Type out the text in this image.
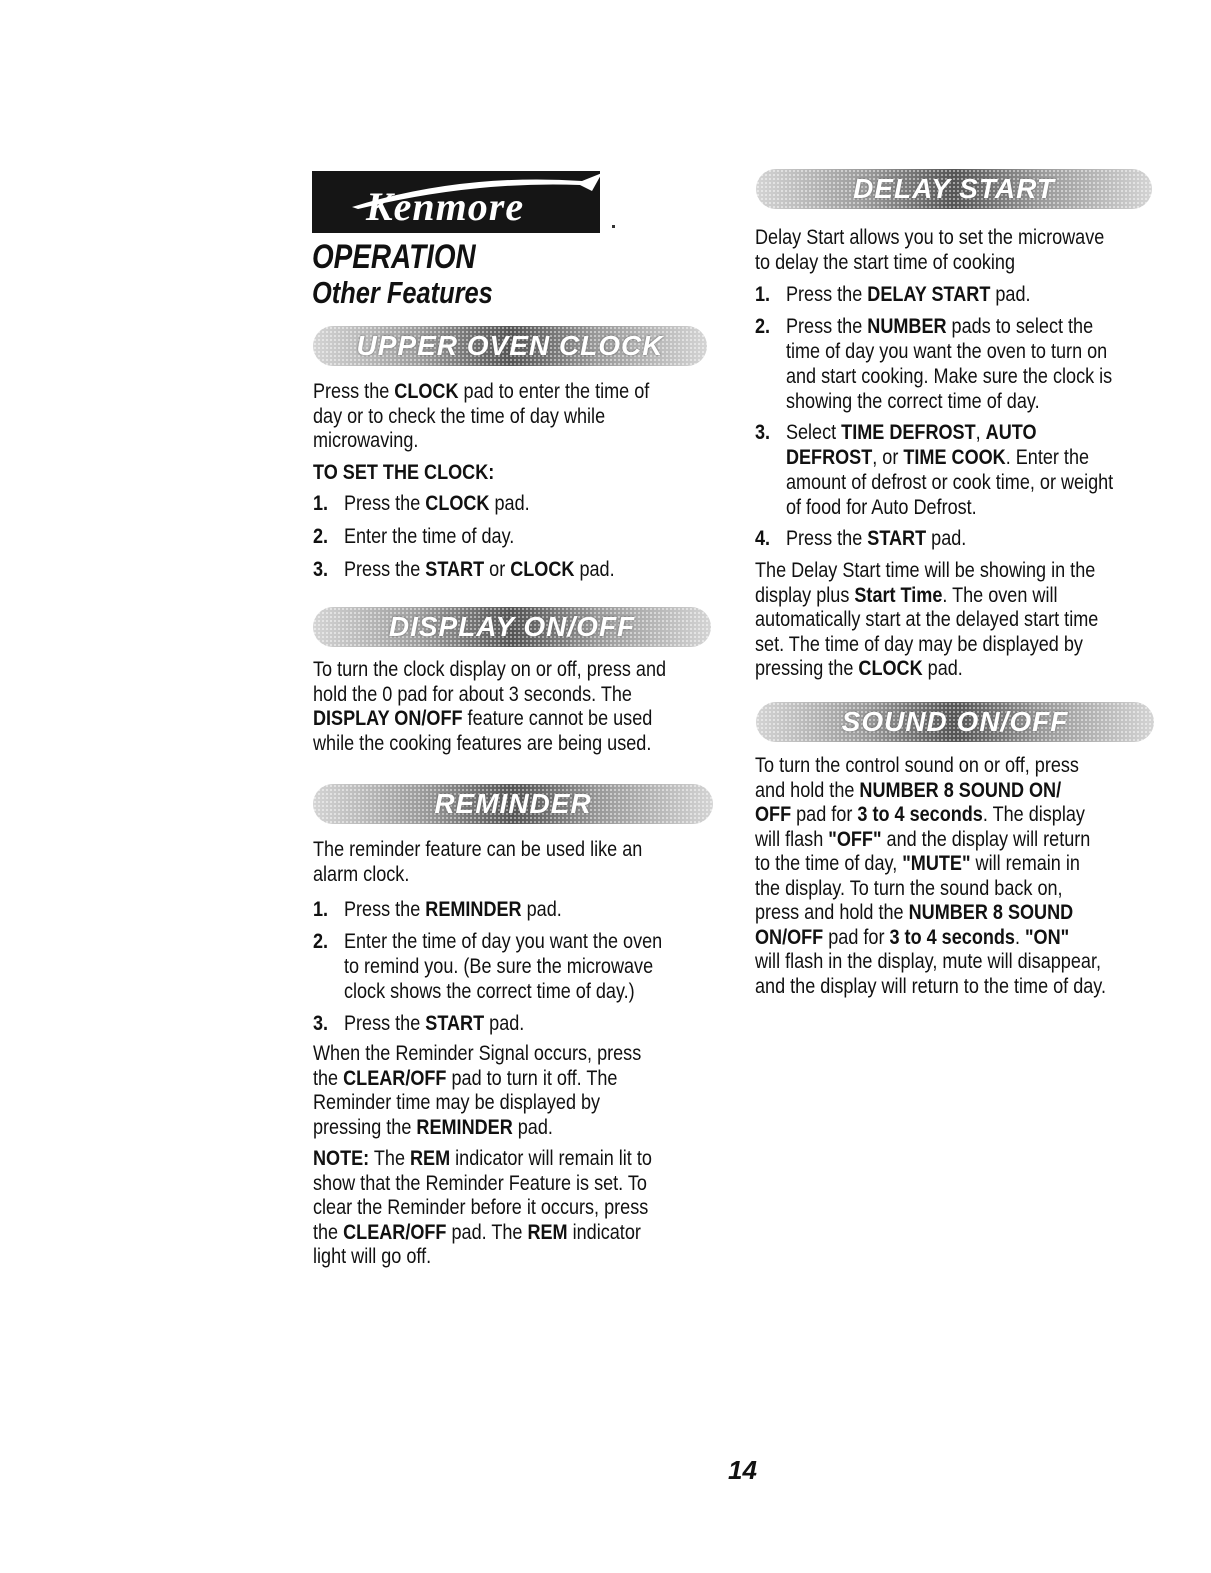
Kenmore
OPERATION
Other Features
UPPER OVEN CLOCK
Press the CLOCK pad to enter the time of
day or to check the time of day while
microwaving.
TO SET THE CLOCK:
1. Press the CLOCK pad.
2. Enter the time of day.
3. Press the START or CLOCK pad.
DISPLAY ON/OFF
To turn the clock display on or off, press and
hold the 0 pad for about 3 seconds. The
DISPLAY ON/OFF feature cannot be used
while the cooking features are being used.
REMINDER
The reminder feature can be used like an
alarm clock.
1. Press the REMINDER pad.
2. Enter the time of day you want the oven
to remind you. (Be sure the microwave
clock shows the correct time of day.)
3. Press the START pad.
When the Reminder Signal occurs, press
the CLEAR/OFF pad to turn it off. The
Reminder time may be displayed by
pressing the REMINDER pad.
NOTE: The REM indicator will remain lit to
show that the Reminder Feature is set. To
clear the Reminder before it occurs, press
the CLEAR/OFF pad. The REM indicator
light will go off.
DELAY START
Delay Start allows you to set the microwave
to delay the start time of cooking
1. Press the DELAY START pad.
2. Press the NUMBER pads to select the
time of day you want the oven to turn on
and start cooking. Make sure the clock is
showing the correct time of day.
3. Select TIME DEFROST, AUTO
DEFROST, or TIME COOK. Enter the
amount of defrost or cook time, or weight
of food for Auto Defrost.
4. Press the START pad.
The Delay Start time will be showing in the
display plus Start Time. The oven will
automatically start at the delayed start time
set. The time of day may be displayed by
pressing the CLOCK pad.
SOUND ON/OFF
To turn the control sound on or off, press
and hold the NUMBER 8 SOUND ON/
OFF pad for 3 to 4 seconds. The display
will flash "OFF" and the display will return
to the time of day, "MUTE" will remain in
the display. To turn the sound back on,
press and hold the NUMBER 8 SOUND
ON/OFF pad for 3 to 4 seconds. "ON"
will flash in the display, mute will disappear,
and the display will return to the time of day.
14
